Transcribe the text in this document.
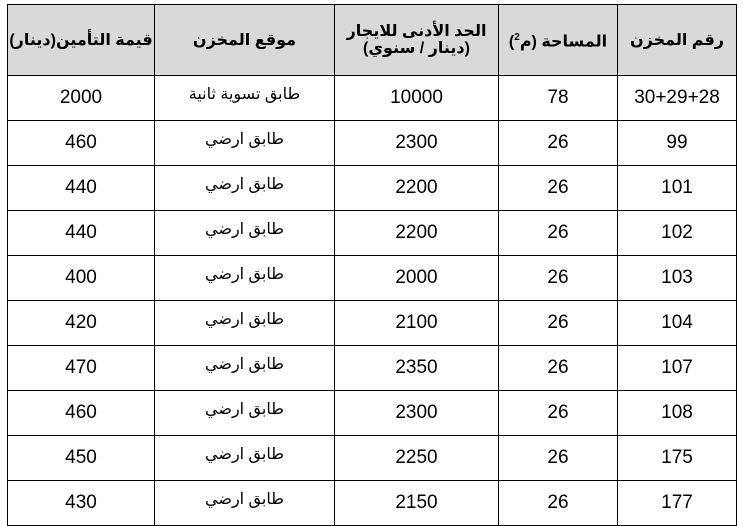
رقم المخزن	المساحة (م$^2$)	الحد الأدنى للايجار (دينار / سنوي)	موقع المخزن	قيمة التأمين(دينار)
30+29+28	78	10000	طابق تسوية ثانية	2000
99	26	2300	طابق ارضي	460
101	26	2200	طابق ارضي	440
102	26	2200	طابق ارضي	440
103	26	2000	طابق ارضي	400
104	26	2100	طابق ارضي	420
107	26	2350	طابق ارضي	470
108	26	2300	طابق ارضي	460
175	26	2250	طابق ارضي	450
177	26	2150	طابق ارضي	430
